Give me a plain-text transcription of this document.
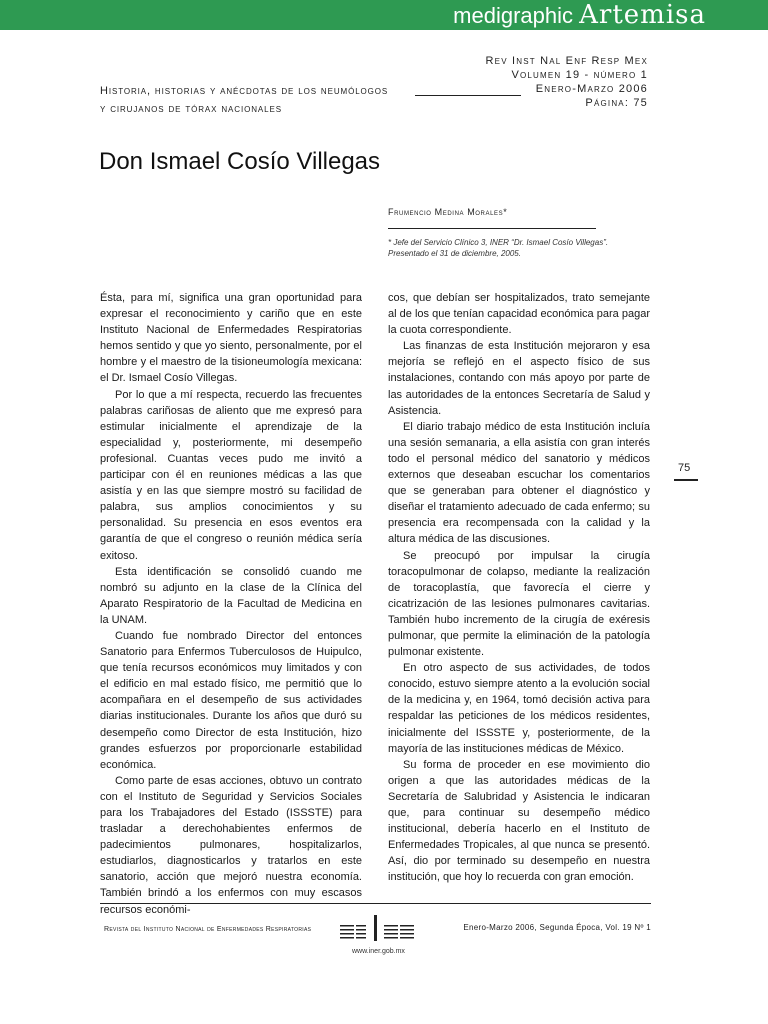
medigraphic Artemisa
Rev Inst Nal Enf Resp Mex
Volumen 19 - número 1
Enero-Marzo 2006
Página: 75
Historia, historias y anécdotas de los neumólogos
y cirujanos de tórax nacionales
Don Ismael Cosío Villegas
Frumencio Medina Morales*
* Jefe del Servicio Clínico 3, INER “Dr. Ismael Cosío Villegas”.
Presentado el 31 de diciembre, 2005.

Ésta, para mí, significa una gran oportunidad para expresar el reconocimiento y cariño que en este Instituto Nacional de Enfermedades Respiratorias hemos sentido y que yo siento, personalmente, por el hombre y el maestro de la tisioneumología mexicana: el Dr. Ismael Cosío Villegas.

Por lo que a mí respecta, recuerdo las frecuentes palabras cariñosas de aliento que me expresó para estimular inicialmente el aprendizaje de la especialidad y, posteriormente, mi desempeño profesional. Cuantas veces pudo me invitó a participar con él en reuniones médicas a las que asistía y en las que siempre mostró su facilidad de palabra, sus amplios conocimientos y su personalidad. Su presencia en esos eventos era garantía de que el congreso o reunión médica sería exitoso.

Esta identificación se consolidó cuando me nombró su adjunto en la clase de la Clínica del Aparato Respiratorio de la Facultad de Medicina en la UNAM.

Cuando fue nombrado Director del entonces Sanatorio para Enfermos Tuberculosos de Huipulco, que tenía recursos económicos muy limitados y con el edificio en mal estado físico, me permitió que lo acompañara en el desempeño de sus actividades diarias institucionales. Durante los años que duró su desempeño como Director de esta Institución, hizo grandes esfuerzos por proporcionarle estabilidad económica.

Como parte de esas acciones, obtuvo un contrato con el Instituto de Seguridad y Servicios Sociales para los Trabajadores del Estado (ISSSTE) para trasladar a derechohabientes enfermos de padecimientos pulmonares, hospitalizarlos, estudiarlos, diagnosticarlos y tratarlos en este sanatorio, acción que mejoró nuestra economía. También brindó a los enfermos con muy escasos recursos económi-

cos, que debían ser hospitalizados, trato semejante al de los que tenían capacidad económica para pagar la cuota correspondiente.

Las finanzas de esta Institución mejoraron y esa mejoría se reflejó en el aspecto físico de sus instalaciones, contando con más apoyo por parte de las autoridades de la entonces Secretaría de Salud y Asistencia.

El diario trabajo médico de esta Institución incluía una sesión semanaria, a ella asistía con gran interés todo el personal médico del sanatorio y médicos externos que deseaban escuchar los comentarios que se generaban para obtener el diagnóstico y diseñar el tratamiento adecuado de cada enfermo; su presencia era recompensada con la calidad y la altura médica de las discusiones.

Se preocupó por impulsar la cirugía toracopulmonar de colapso, mediante la realización de toracoplastía, que favorecía el cierre y cicatrización de las lesiones pulmonares cavitarias. También hubo incremento de la cirugía de exéresis pulmonar, que permite la eliminación de la patología pulmonar existente.

En otro aspecto de sus actividades, de todos conocido, estuvo siempre atento a la evolución social de la medicina y, en 1964, tomó decisión activa para respaldar las peticiones de los médicos residentes, inicialmente del ISSSTE y, posteriormente, de la mayoría de las instituciones médicas de México.

Su forma de proceder en ese movimiento dio origen a que las autoridades médicas de la Secretaría de Salubridad y Asistencia le indicaran que, para continuar su desempeño médico institucional, debería hacerlo en el Instituto de Enfermedades Tropicales, al que nunca se presentó. Así, dio por terminado su desempeño en nuestra institución, que hoy lo recuerda con gran emoción.

75
Revista del Instituto Nacional de Enfermedades Respiratorias
www.iner.gob.mx
Enero-Marzo 2006, Segunda Época, Vol. 19 Nº 1
